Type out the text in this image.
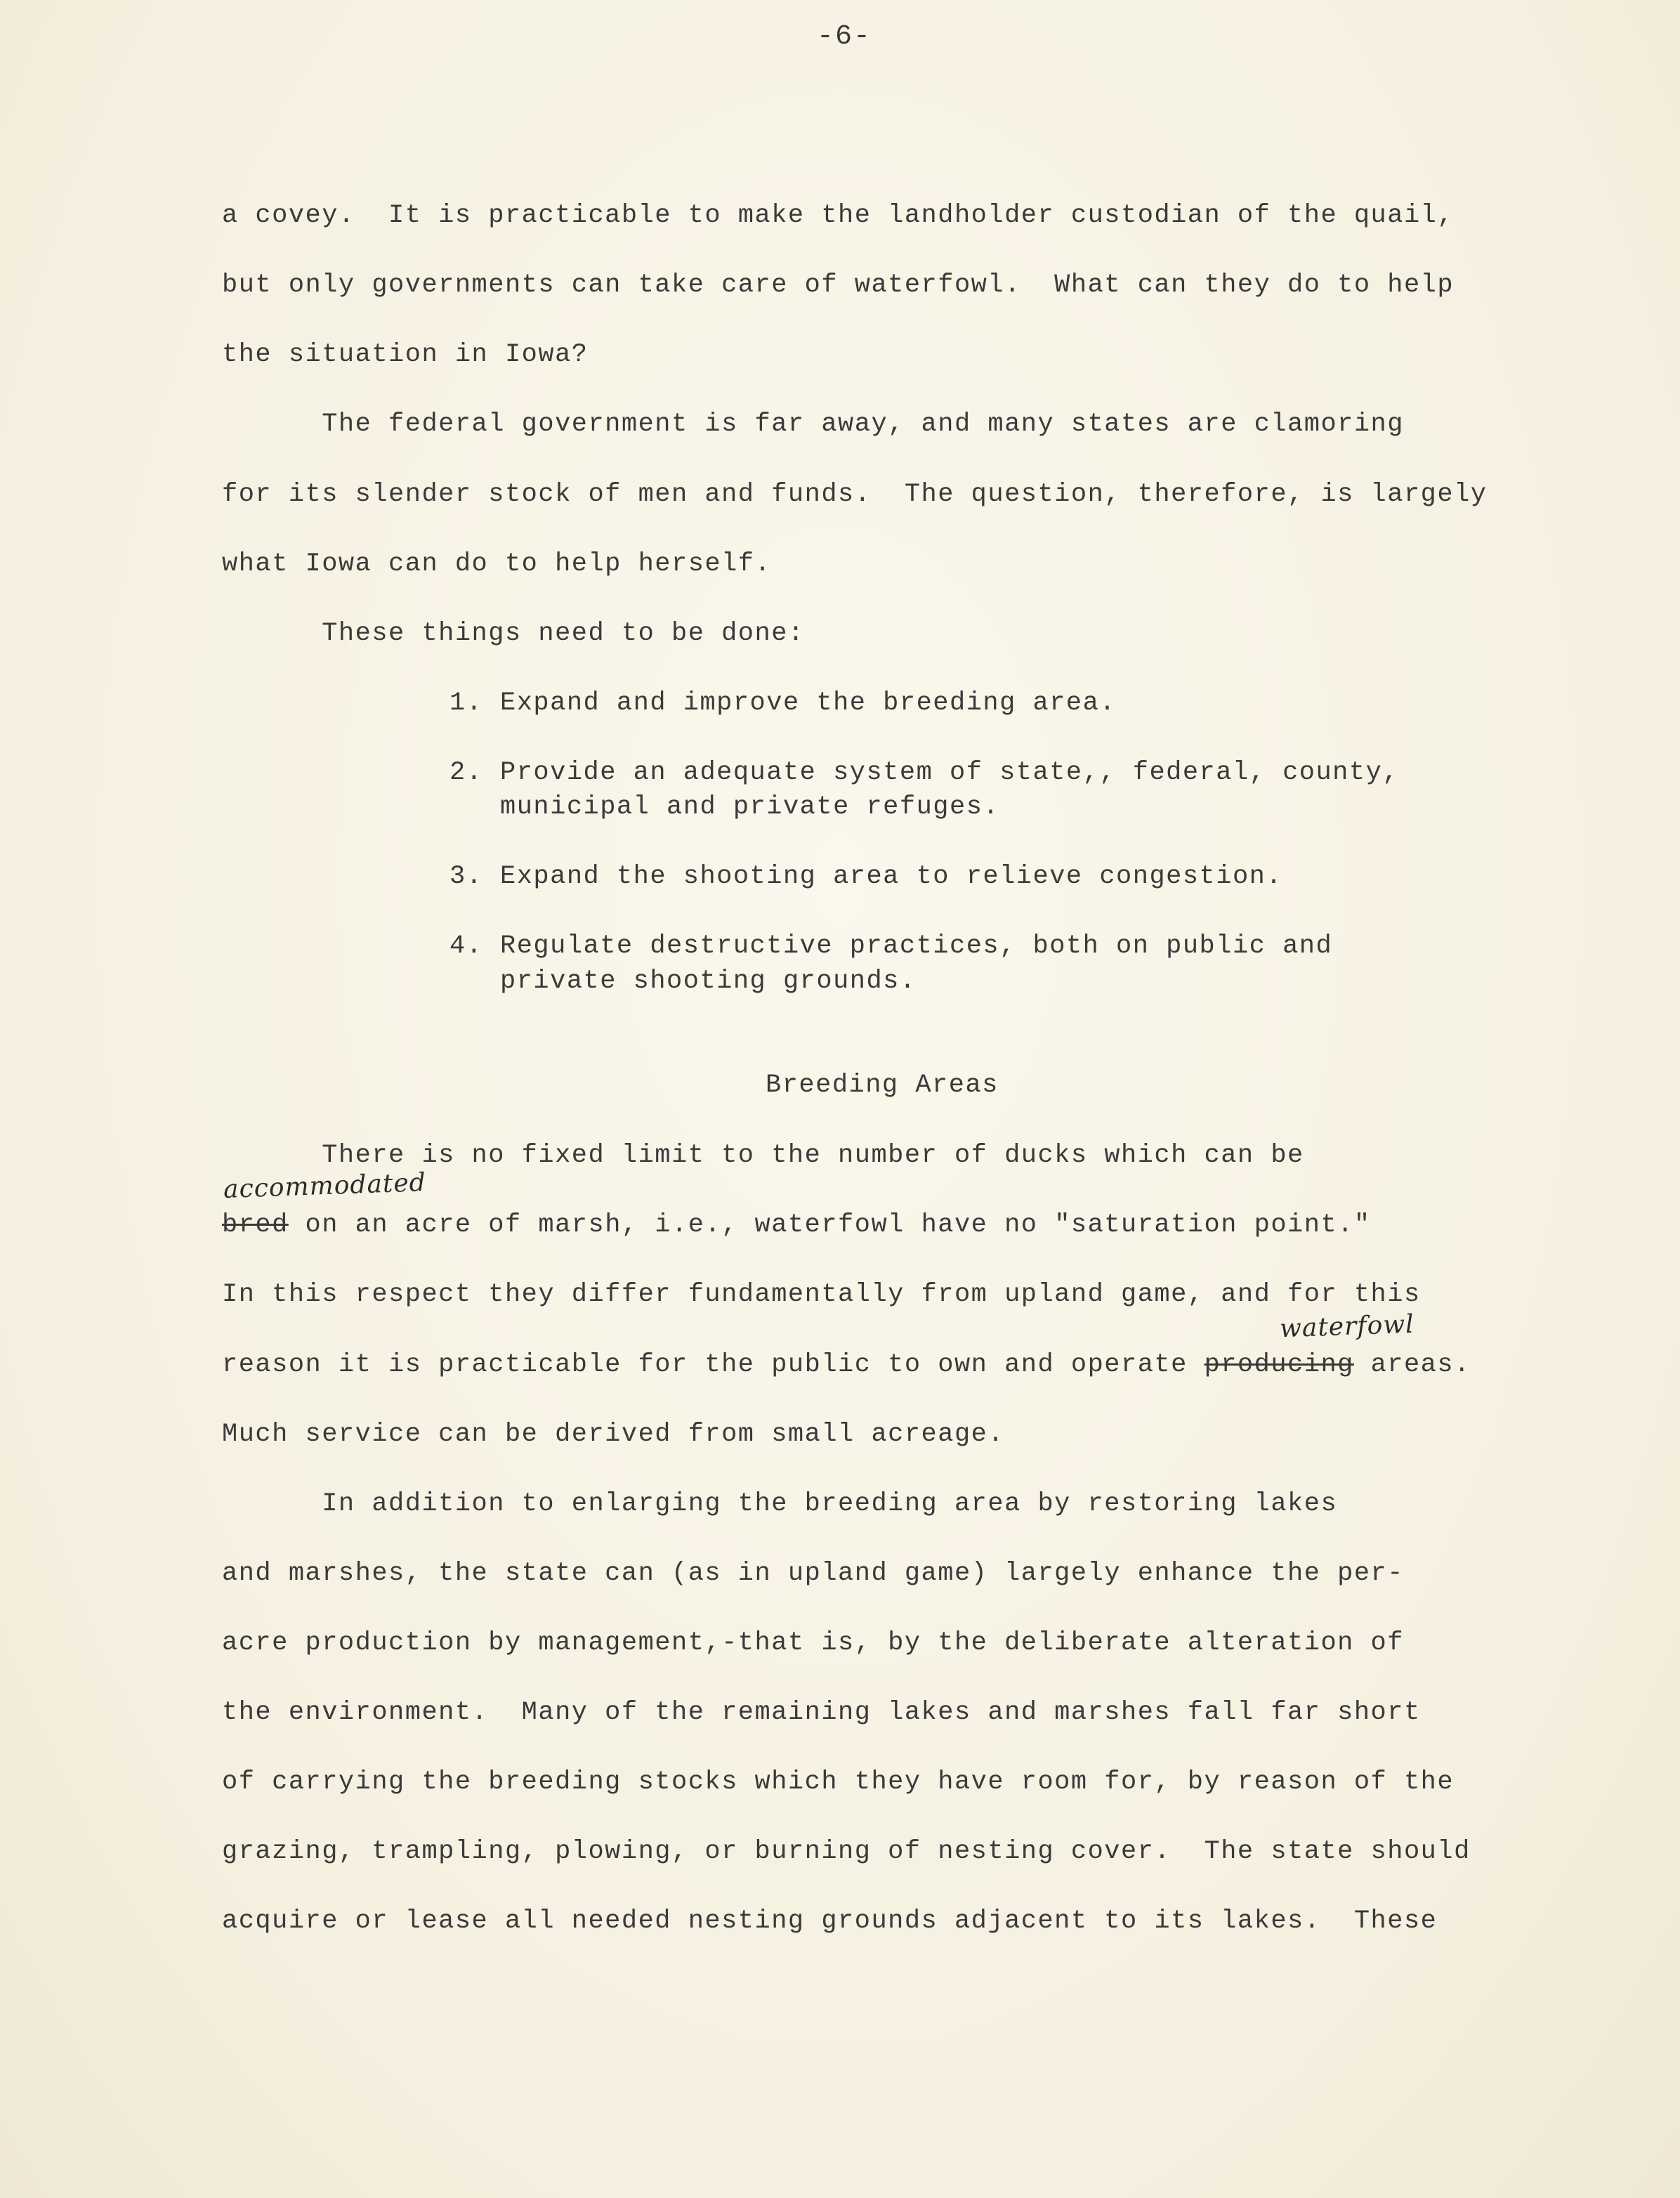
-6-
a covey.  It is practicable to make the landholder custodian of the quail,
but only governments can take care of waterfowl.  What can they do to help
the situation in Iowa?
The federal government is far away, and many states are clamoring
for its slender stock of men and funds.  The question, therefore, is largely
what Iowa can do to help herself.
These things need to be done:
1. Expand and improve the breeding area.
2. Provide an adequate system of state,, federal, county,
municipal and private refuges.
3. Expand the shooting area to relieve congestion.
4. Regulate destructive practices, both on public and
private shooting grounds.
Breeding Areas
There is no fixed limit to the number of ducks which can be
accommodated
bred on an acre of marsh, i.e., waterfowl have no "saturation point."
In this respect they differ fundamentally from upland game, and for this
waterfowl
reason it is practicable for the public to own and operate producing areas.
Much service can be derived from small acreage.
In addition to enlarging the breeding area by restoring lakes
and marshes, the state can (as in upland game) largely enhance the per-
acre production by management,-that is, by the deliberate alteration of
the environment.  Many of the remaining lakes and marshes fall far short
of carrying the breeding stocks which they have room for, by reason of the
grazing, trampling, plowing, or burning of nesting cover.  The state should
acquire or lease all needed nesting grounds adjacent to its lakes.  These
